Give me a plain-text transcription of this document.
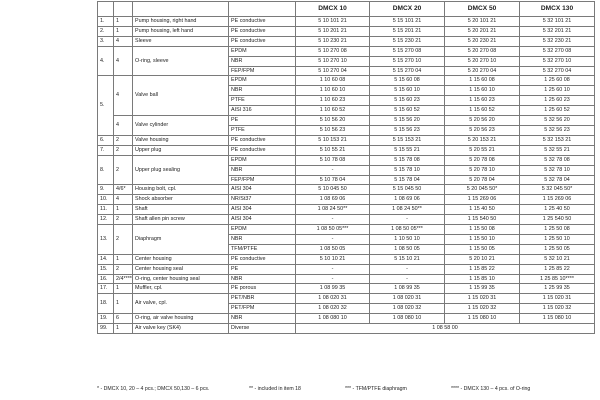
				DMCX 10	DMCX 20	DMCX 50	DMCX 130
1.	1	Pump housing, right hand	PE conductive	5 10 101 21	5 15 101 21	5 20 101 21	5 32 101 21
2.	1	Pump housing, left hand	PE conductive	5 10 201 21	5 15 201 21	5 20 201 21	5 32 201 21
3.	4	Sleeve	PE conductive	5 10 230 21	5 15 230 21	5 20 230 21	5 32 230 21
4.	4	O-ring, sleeve	EPDM	5 10 270 08	5 15 270 08	5 20 270 08	5 32 270 08
			NBR	5 10 270 10	5 15 270 10	5 20 270 10	5 32 270 10
			FEP/FPM	5 10 270 04	5 15 270 04	5 20 270 04	5 32 270 04
5.	4	Valve ball	EPDM	1 10 60 08	5 15 60 08	1 15 60 08	1 25 60 08
			NBR	1 10 60 10	5 15 60 10	1 15 60 10	1 25 60 10
			PTFE	1 10 60 23	5 15 60 23	1 15 60 23	1 25 60 23
			AISI 316	1 10 60 52	5 15 60 52	1 15 60 52	1 25 60 52
	4	Valve cylinder	PE	5 10 56 20	5 15 56 20	5 20 56 20	5 32 56 20
			PTFE	5 10 56 23	5 15 56 23	5 20 56 23	5 32 56 23
6.	2	Valve housing	PE conductive	5 10 153 21	5 15 153 21	5 20 153 21	5 32 153 21
7.	2	Upper plug	PE conductive	5 10 55 21	5 15 55 21	5 20 55 21	5 32 55 21
8.	2	Upper plug sealing	EPDM	5 10 78 08	5 15 78 08	5 20 78 08	5 32 78 08
			NBR	-	5 15 78 10	5 20 78 10	5 32 78 10
			FEP/FPM	5 10 78 04	5 15 78 04	5 20 78 04	5 32 78 04
9.	4/6*	Housing bolt, cpl.	AISI 304	5 10 045 50	5 15 045 50	5 20 045 50*	5 32 045 50*
10.	4	Shock absorber	NR/St37	1 08 69 06	1 08 69 06	1 15 269 06	1 15 269 06
11.	1	Shaft	AISI 304	1 08 24 50**	1 08 24 50**	1 15 40 50	1 25 40 50
12.	2	Shaft allen pin screw	AISI 304	-	-	1 15 540 50	1 25 540 50
13.	2	Diaphragm	EPDM	1 08 50 05***	1 08 50 05***	1 15 50 08	1 25 50 08
			NBR	-	1 10 50 10	1 15 50 10	1 25 50 10
			TFM/PTFE	1 08 50 05	1 08 50 05	1 15 50 05	1 25 50 05
14.	1	Center housing	PE conductive	5 10 10 21	5 15 10 21	5 20 10 21	5 32 10 21
15.	2	Center housing seal	PE	-	-	1 15 85 22	1 25 85 22
16.	2/4****	O-ring, center housing seal	NBR	-	-	1 15 85 10	1 25 85 10****
17.	1	Muffler, cpl.	PE porous	1 08 99 35	1 08 99 35	1 15 99 35	1 25 99 35
18.	1	Air valve, cpl.	PET/NBR	1 08 020 31	1 08 020 31	1 15 020 31	1 15 020 31
			PET/FPM	1 08 020 32	1 08 020 32	1 15 020 32	1 15 020 32
19.	6	O-ring, air valve housing	NBR	1 08 080 10	1 08 080 10	1 15 080 10	1 15 080 10
99.	1	Air valve key (SK4)	Diverse	1 08 58 00			
* - DMCX 10, 20 – 4 pcs.; DMCX 50,130 – 6 pcs.	** - included in item 18	*** - TFM/PTFE diaphragm	**** - DMCX 130 – 4 pcs. of O-ring
